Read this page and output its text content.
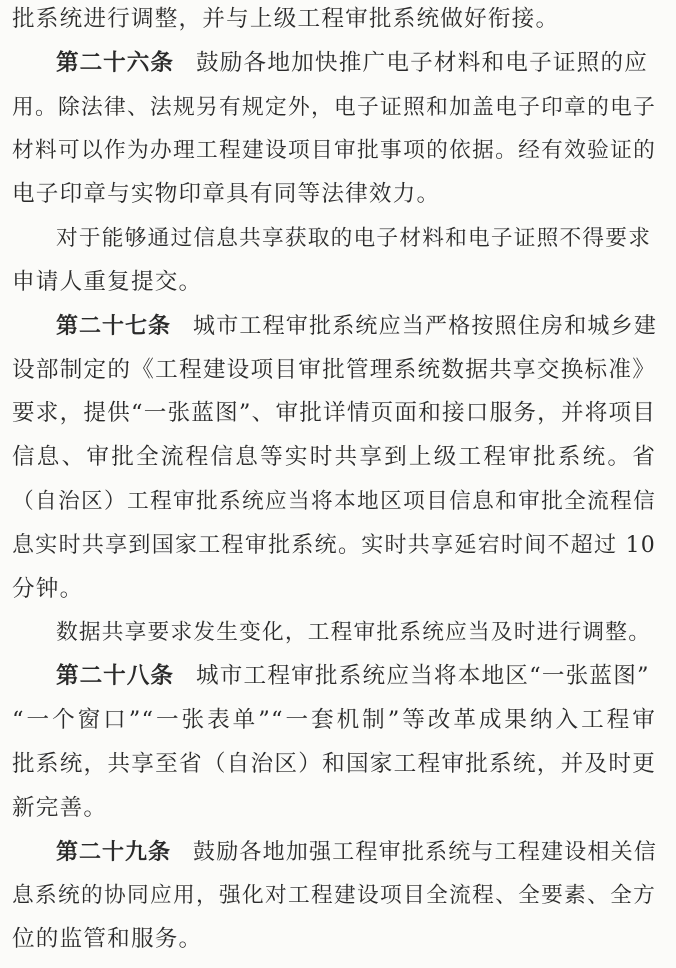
批系统进行调整，并与上级工程审批系统做好衔接。
第二十六条 鼓励各地加快推广电子材料和电子证照的应
用。除法律、法规另有规定外，电子证照和加盖电子印章的电子
材料可以作为办理工程建设项目审批事项的依据。经有效验证的
电子印章与实物印章具有同等法律效力。
对于能够通过信息共享获取的电子材料和电子证照不得要求
申请人重复提交。
第二十七条 城市工程审批系统应当严格按照住房和城乡建
设部制定的《工程建设项目审批管理系统数据共享交换标准》
要求，提供“一张蓝图”、审批详情页面和接口服务，并将项目
信息、审批全流程信息等实时共享到上级工程审批系统。省
（自治区）工程审批系统应当将本地区项目信息和审批全流程信
息实时共享到国家工程审批系统。实时共享延宕时间不超过 10
分钟。
数据共享要求发生变化，工程审批系统应当及时进行调整。
第二十八条 城市工程审批系统应当将本地区“一张蓝图”
“一个窗口”“一张表单”“一套机制”等改革成果纳入工程审
批系统，共享至省（自治区）和国家工程审批系统，并及时更
新完善。
第二十九条 鼓励各地加强工程审批系统与工程建设相关信
息系统的协同应用，强化对工程建设项目全流程、全要素、全方
位的监管和服务。
